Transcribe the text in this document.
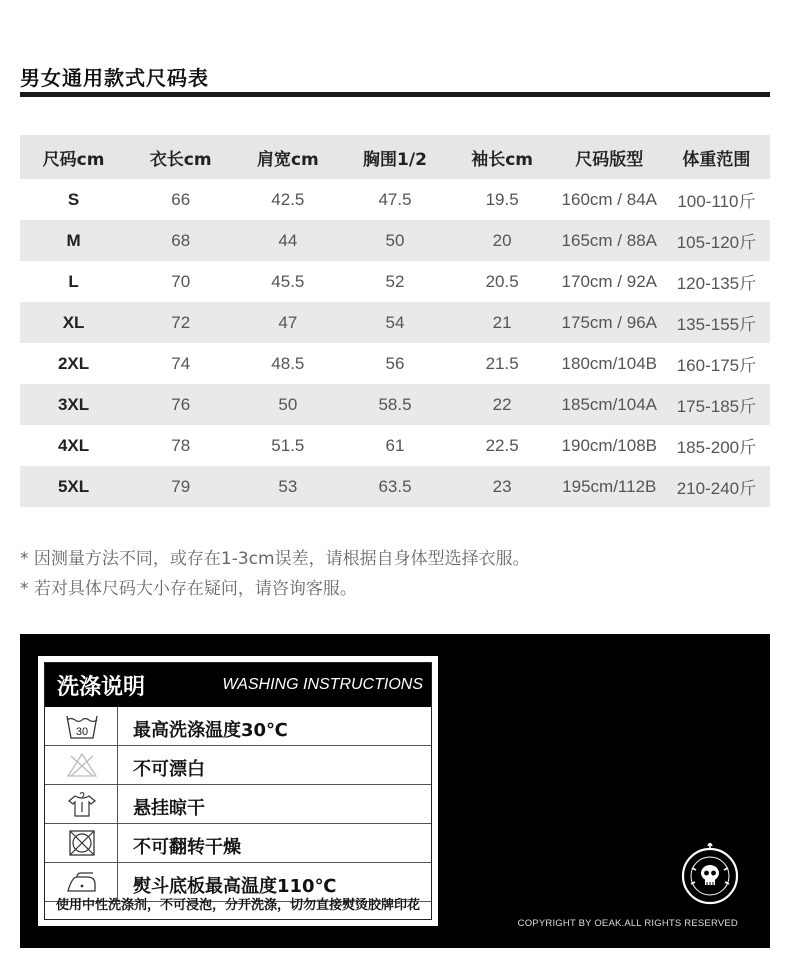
男女通用款式尺码表
尺码cm	衣长cm	肩宽cm	胸围1/2	袖长cm	尺码版型	体重范围
S	66	42.5	47.5	19.5	160cm / 84A	100-110斤
M	68	44	50	20	165cm / 88A	105-120斤
L	70	45.5	52	20.5	170cm / 92A	120-135斤
XL	72	47	54	21	175cm / 96A	135-155斤
2XL	74	48.5	56	21.5	180cm/104B	160-175斤
3XL	76	50	58.5	22	185cm/104A	175-185斤
4XL	78	51.5	61	22.5	190cm/108B	185-200斤
5XL	79	53	63.5	23	195cm/112B	210-240斤
* 因测量方法不同，或存在1-3cm误差，请根据自身体型选择衣服。
* 若对具体尺码大小存在疑问，请咨询客服。
洗涤说明	WASHING INSTRUCTIONS
30 最高洗涤温度30℃
不可漂白
悬挂晾干
不可翻转干燥
熨斗底板最高温度110℃
使用中性洗涤剂，不可浸泡，分开洗涤，切勿直接熨烫胶牌印花
COPYRIGHT BY OEAK.ALL RIGHTS RESERVED
